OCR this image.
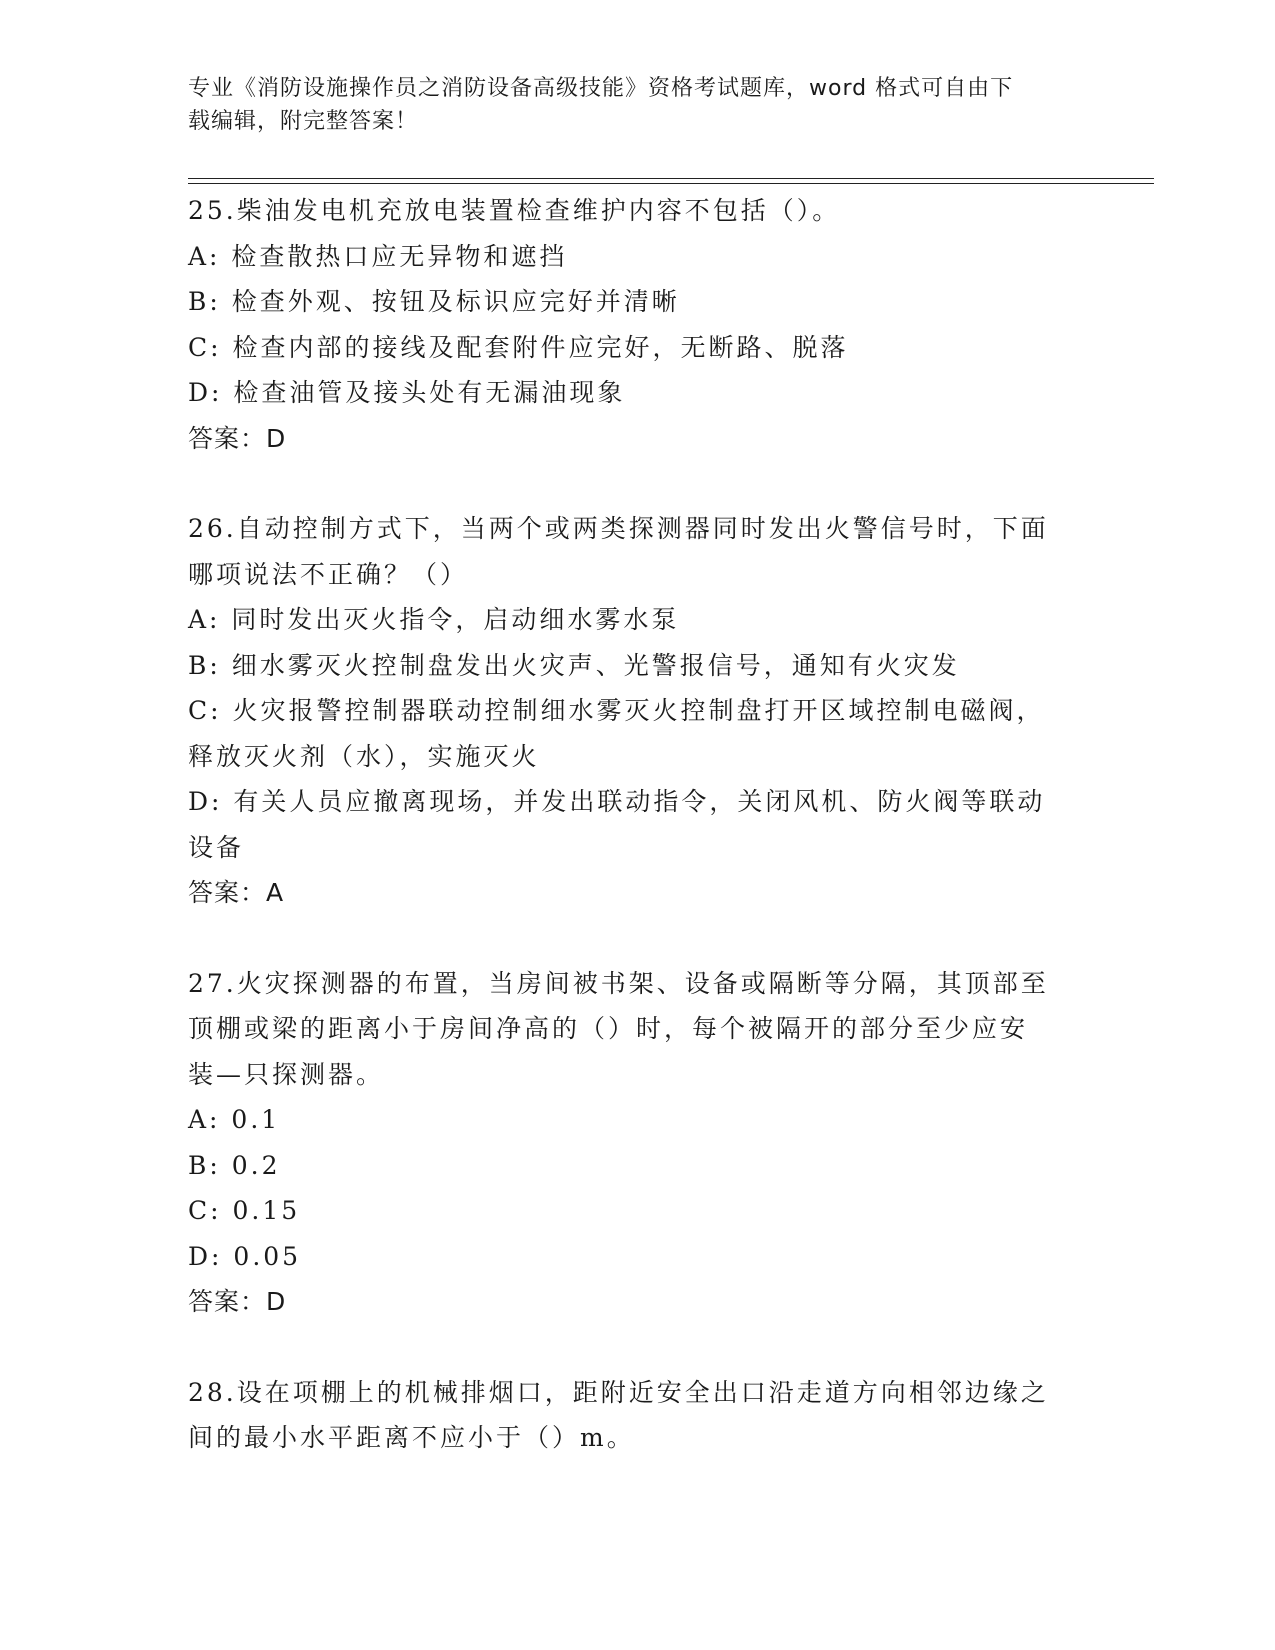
专业《消防设施操作员之消防设备高级技能》资格考试题库，word 格式可自由下
载编辑，附完整答案！
25.柴油发电机充放电装置检查维护内容不包括（）。
A: 检查散热口应无异物和遮挡
B: 检查外观、按钮及标识应完好并清晰
C: 检查内部的接线及配套附件应完好，无断路、脱落
D: 检查油管及接头处有无漏油现象
答案：D
26.自动控制方式下，当两个或两类探测器同时发出火警信号时，下面
哪项说法不正确？（）
A: 同时发出灭火指令，启动细水雾水泵
B: 细水雾灭火控制盘发出火灾声、光警报信号，通知有火灾发
C: 火灾报警控制器联动控制细水雾灭火控制盘打开区域控制电磁阀，
释放灭火剂（水），实施灭火
D: 有关人员应撤离现场，并发出联动指令，关闭风机、防火阀等联动
设备
答案：A
27.火灾探测器的布置，当房间被书架、设备或隔断等分隔，其顶部至
顶棚或梁的距离小于房间净高的（）时，每个被隔开的部分至少应安
装—只探测器。
A: 0.1
B: 0.2
C: 0.15
D: 0.05
答案：D
28.设在项棚上的机械排烟口，距附近安全出口沿走道方向相邻边缘之
间的最小水平距离不应小于（）m。
